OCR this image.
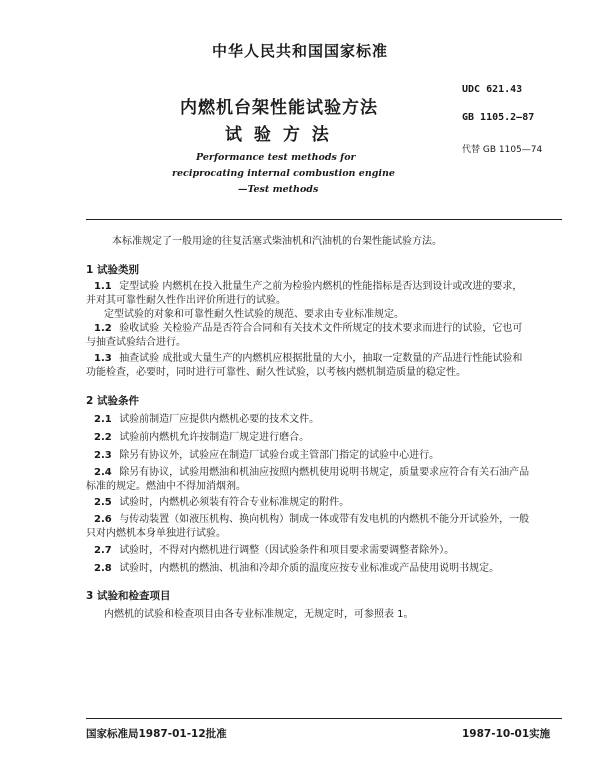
中华人民共和国国家标准
UDC 621.43
GB 1105.2—87
代替 GB 1105—74
内燃机台架性能试验方法
试 验 方 法
Performance test methods for
reciprocating internal combustion engine
—Test methods
本标准规定了一般用途的往复活塞式柴油机和汽油机的台架性能试验方法。
1 试验类别
1.1 定型试验 内燃机在投入批量生产之前为检验内燃机的性能指标是否达到设计或改进的要求，
并对其可靠性耐久性作出评价所进行的试验。
定型试验的对象和可靠性耐久性试验的规范、要求由专业标准规定。
1.2 验收试验 关检验产品是否符合合同和有关技术文件所规定的技术要求而进行的试验，它也可
与抽查试验结合进行。
1.3 抽查试验 成批或大量生产的内燃机应根据批量的大小，抽取一定数量的产品进行性能试验和
功能检查，必要时，同时进行可靠性、耐久性试验，以考核内燃机制造质量的稳定性。
2 试验条件
2.1 试验前制造厂应提供内燃机必要的技术文件。
2.2 试验前内燃机允许按制造厂规定进行磨合。
2.3 除另有协议外，试验应在制造厂试验台或主管部门指定的试验中心进行。
2.4 除另有协议，试验用燃油和机油应按照内燃机使用说明书规定，质量要求应符合有关石油产品
标准的规定。燃油中不得加消烟剂。
2.5 试验时，内燃机必须装有符合专业标准规定的附件。
2.6 与传动装置（如液压机构、换向机构）制成一体或带有发电机的内燃机不能分开试验外，一般
只对内燃机本身单独进行试验。
2.7 试验时，不得对内燃机进行调整（因试验条件和项目要求需要调整者除外）。
2.8 试验时，内燃机的燃油、机油和冷却介质的温度应按专业标准或产品使用说明书规定。
3 试验和检查项目
内燃机的试验和检查项目由各专业标准规定，无规定时，可参照表 1。
国家标准局1987-01-12批准	1987-10-01实施
